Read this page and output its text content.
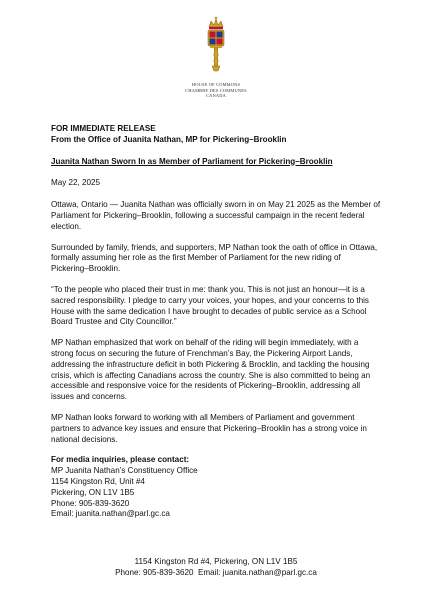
HOUSE OF COMMONS
CHAMBRE DES COMMUNES
CANADA

FOR IMMEDIATE RELEASE

From the Office of Juanita Nathan, MP for Pickering–Brooklin

Juanita Nathan Sworn In as Member of Parliament for Pickering–Brooklin

May 22, 2025

Ottawa, Ontario — Juanita Nathan was officially sworn in on May 21 2025 as the Member of

Parliament for Pickering–Brooklin, following a successful campaign in the recent federal

election.

Surrounded by family, friends, and supporters, MP Nathan took the oath of office in Ottawa,

formally assuming her role as the first Member of Parliament for the new riding of

Pickering–Brooklin.

“To the people who placed their trust in me: thank you. This is not just an honour—it is a

sacred responsibility. I pledge to carry your voices, your hopes, and your concerns to this

House with the same dedication I have brought to decades of public service as a School

Board Trustee and City Councillor.”

MP Nathan emphasized that work on behalf of the riding will begin immediately, with a

strong focus on securing the future of Frenchman’s Bay, the Pickering Airport Lands,

addressing the infrastructure deficit in both Pickering & Brocklin, and tackling the housing

crisis, which is affecting Canadians across the country. She is also committed to being an

accessible and responsive voice for the residents of Pickering–Brooklin, addressing all

issues and concerns.

MP Nathan looks forward to working with all Members of Parliament and government

partners to advance key issues and ensure that Pickering–Brooklin has a strong voice in

national decisions.

For media inquiries, please contact:

MP Juanita Nathan’s Constituency Office

1154 Kingston Rd, Unit #4

Pickering, ON L1V 1B5

Phone: 905-839-3620

Email: juanita.nathan@parl.gc.ca

1154 Kingston Rd #4, Pickering, ON L1V 1B5
Phone: 905-839-3620  Email: juanita.nathan@parl.gc.ca
